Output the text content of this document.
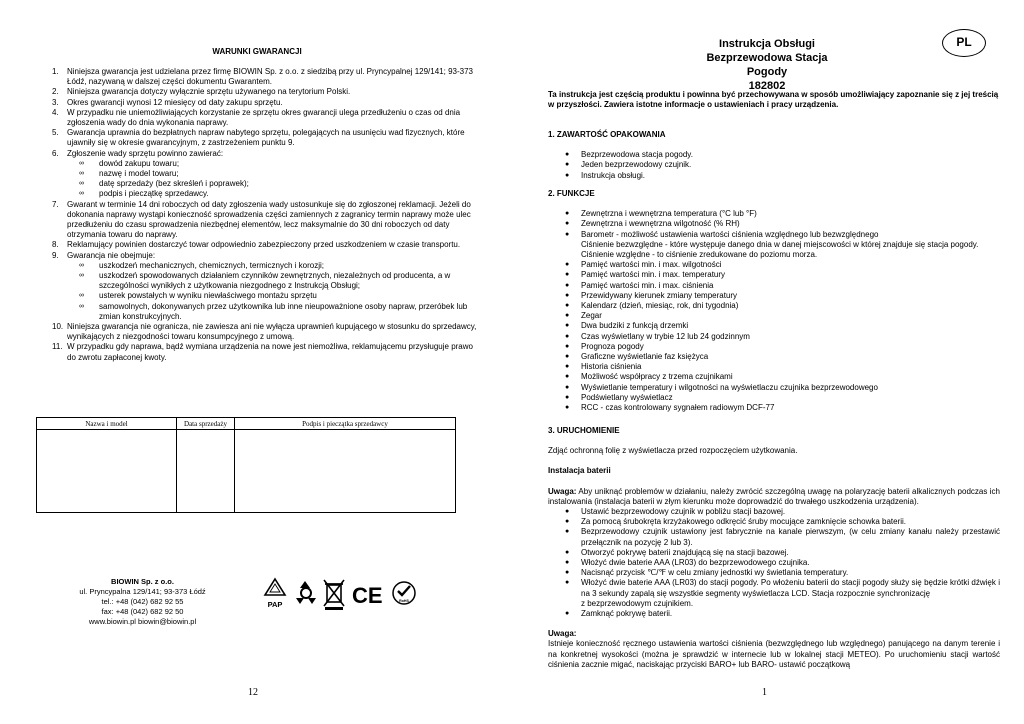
WARUNKI GWARANCJI
1.	Niniejsza gwarancja jest udzielana przez firmę BIOWIN Sp. z o.o. z siedzibą przy ul. Pryncypalnej 129/141; 93-373 Łódź, nazywaną w dalszej części dokumentu Gwarantem.
2.	Niniejsza gwarancja dotyczy wyłącznie sprzętu używanego na terytorium Polski.
3.	Okres gwarancji wynosi 12 miesięcy od daty zakupu sprzętu.
4.	W przypadku nie uniemożliwiających korzystanie ze sprzętu okres gwarancji ulega przedłużeniu o czas od dnia zgłoszenia wady do dnia wykonania naprawy.
5.	Gwarancja uprawnia do bezpłatnych napraw nabytego sprzętu, polegających na usunięciu wad fizycznych, które ujawniły się w okresie gwarancyjnym, z zastrzeżeniem punktu 9.
6.	Zgłoszenie wady sprzętu powinno zawierać:
∞	dowód zakupu towaru;
∞	nazwę i model towaru;
∞	datę sprzedaży (bez skreśleń i poprawek);
∞	podpis i pieczątkę sprzedawcy.
7.	Gwarant w terminie 14 dni roboczych od daty zgłoszenia wady ustosunkuje się do zgłoszonej reklamacji. Jeżeli do dokonania naprawy wystąpi konieczność sprowadzenia części zamiennych z zagranicy termin naprawy może ulec przedłużeniu do czasu sprowadzenia niezbędnej elementów, lecz maksymalnie do 30 dni roboczych od daty otrzymania towaru do naprawy.
8.	Reklamujący powinien dostarczyć towar odpowiednio zabezpieczony przed uszkodzeniem w czasie transportu.
9.	Gwarancja nie obejmuje:
∞	uszkodzeń mechanicznych, chemicznych, termicznych i korozji;
∞	uszkodzeń spowodowanych działaniem czynników zewnętrznych, niezależnych od producenta, a w szczególności wynikłych z użytkowania niezgodnego z Instrukcją Obsługi;
∞	usterek powstałych w wyniku niewłaściwego montażu sprzętu
∞	samowolnych, dokonywanych przez użytkownika lub inne nieupoważnione osoby napraw, przeróbek lub zmian konstrukcyjnych.
10. Niniejsza gwarancja nie ogranicza, nie zawiesza ani nie wyłącza uprawnień kupującego w stosunku do sprzedawcy, wynikających z niezgodności towaru konsumpcyjnego z umową.
11. W przypadku gdy naprawa, bądź wymiana urządzenia na nowe jest niemożliwa, reklamującemu przysługuje prawo do zwrotu zapłaconej kwoty.
Nazwa i model	Data sprzedaży	Podpis i pieczątka sprzedawcy

BIOWIN Sp. z o.o.
ul. Pryncypalna 129/141; 93-373 Łódź
tel.: +48 (042) 682 92 55
fax: +48 (042) 682 92 50
www.biowin.pl biowin@biowin.pl
PAP	CE	RoHS
12
PL
Instrukcja Obsługi
Bezprzewodowa Stacja Pogody
182802
Ta instrukcja jest częścią produktu i powinna być przechowywana w sposób umożliwiający zapoznanie się z jej treścią w przyszłości. Zawiera istotne informacje o ustawieniach i pracy urządzenia.
1. ZAWARTOŚĆ OPAKOWANIA
●	Bezprzewodowa stacja pogody.
●	Jeden bezprzewodowy czujnik.
●	Instrukcja obsługi.
2. FUNKCJE
●	Zewnętrzna i wewnętrzna temperatura (°C lub °F)
●	Zewnętrzna i wewnętrzna wilgotność (% RH)
●	Barometr - możliwość ustawienia wartości ciśnienia względnego lub bezwzględnego
Ciśnienie bezwzględne - które występuje danego dnia w danej miejscowości w której znajduje się stacja pogody.
Ciśnienie względne - to ciśnienie zredukowane do poziomu morza.
●	Pamięć wartości min. i max. wilgotności
●	Pamięć wartości min. i max. temperatury
●	Pamięć wartości min. i max. ciśnienia
●	Przewidywany kierunek zmiany temperatury
●	Kalendarz (dzień, miesiąc, rok, dni tygodnia)
●	Zegar
●	Dwa budziki z funkcją drzemki
●	Czas wyświetlany w trybie 12 lub 24 godzinnym
●	Prognoza pogody
●	Graficzne wyświetlanie faz księżyca
●	Historia ciśnienia
●	Możliwość współpracy z trzema czujnikami
●	Wyświetlanie temperatury i wilgotności na wyświetlaczu czujnika bezprzewodowego
●	Podświetlany wyświetlacz
●	RCC - czas kontrolowany sygnałem radiowym DCF-77
3. URUCHOMIENIE
Zdjąć ochronną folię z wyświetlacza przed rozpoczęciem użytkowania.
Instalacja baterii
Uwaga: Aby uniknąć problemów w działaniu, należy zwrócić szczególną uwagę na polaryzację baterii alkalicznych podczas ich instalowania (instalacja baterii w złym kierunku może doprowadzić do trwałego uszkodzenia urządzenia).
●	Ustawić bezprzewodowy czujnik w pobliżu stacji bazowej.
●	Za pomocą śrubokręta krzyżakowego odkręcić śruby mocujące zamknięcie schowka baterii.
●	Bezprzewodowy czujnik ustawiony jest fabrycznie na kanale pierwszym, (w celu zmiany kanału należy przestawić przełącznik na pozycję 2 lub 3).
●	Otworzyć pokrywę baterii znajdującą się na stacji bazowej.
●	Włożyć dwie baterie AAA (LR03) do bezprzewodowego czujnika.
●	Nacisnąć przycisk ℃/℉ w celu zmiany jednostki wy świetlania temperatury.
●	Włożyć dwie baterie AAA (LR03) do stacji pogody. Po włożeniu baterii do stacji pogody służy się będzie krótki dźwięk i na 3 sekundy zapalą się wszystkie segmenty wyświetlacza LCD. Stacja rozpocznie synchronizację
z bezprzewodowym czujnikiem.
●	Zamknąć pokrywę baterii.
Uwaga:
Istnieje konieczność ręcznego ustawienia wartości ciśnienia (bezwzględnego lub względnego) panującego na danym terenie i na konkretnej wysokości (można je sprawdzić w internecie lub w lokalnej stacji METEO). Po uruchomieniu stacji wartość ciśnienia zacznie migać, naciskając przyciski BARO+ lub BARO- ustawić początkową
1
